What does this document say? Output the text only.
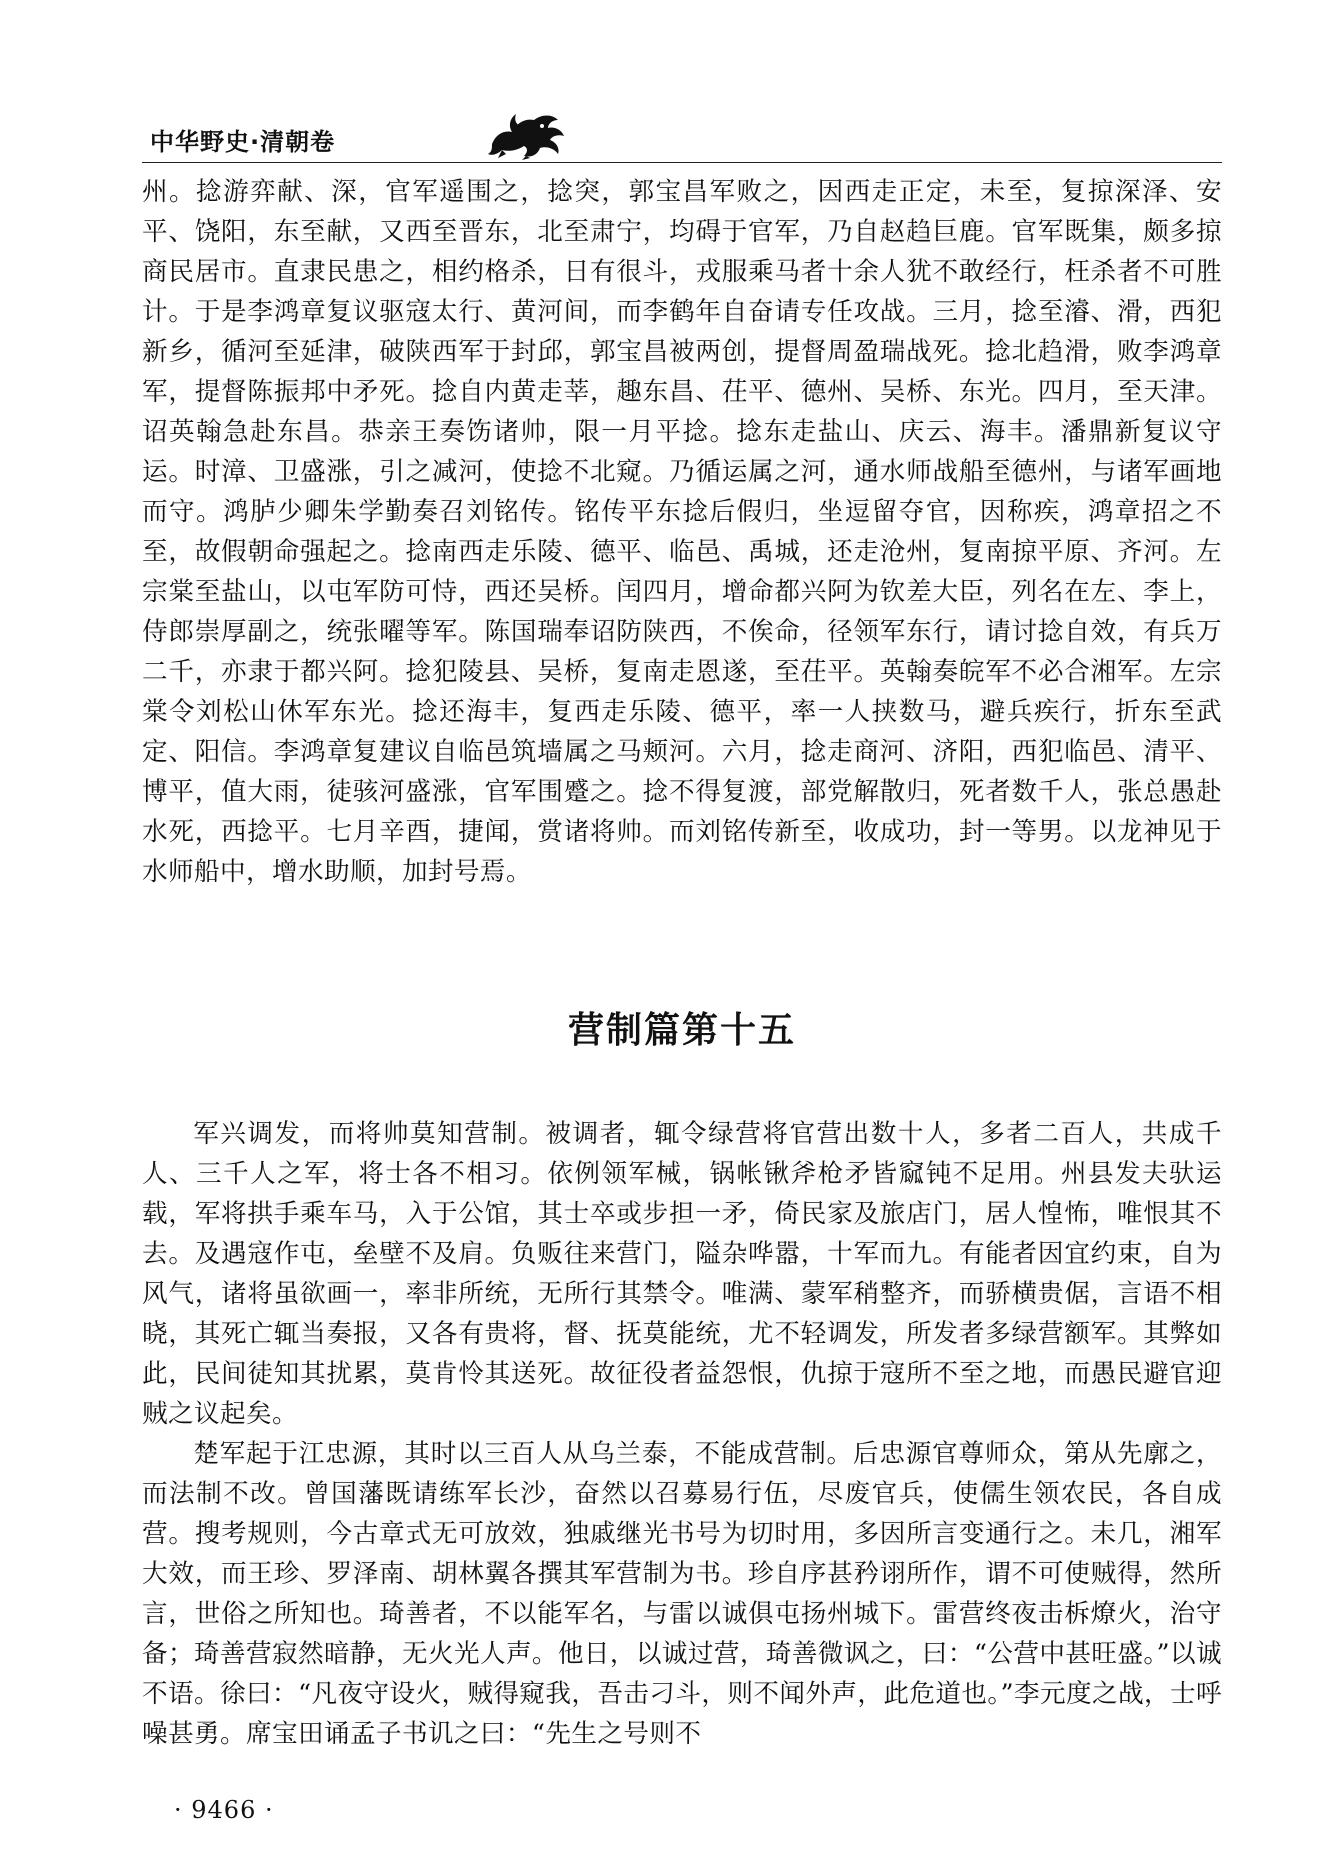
中华野史·清朝卷

州。捻游弈献、深，官军遥围之，捻突，郭宝昌军败之，因西走正定，未至，复掠深泽、安平、饶阳，东至献，又西至晋东，北至肃宁，均碍于官军，乃自赵趋巨鹿。官军既集，颇多掠商民居市。直隶民患之，相约格杀，日有很斗，戎服乘马者十余人犹不敢经行，枉杀者不可胜计。于是李鸿章复议驱寇太行、黄河间，而李鹤年自奋请专任攻战。三月，捻至濬、滑，西犯新乡，循河至延津，破陕西军于封邱，郭宝昌被两创，提督周盈瑞战死。捻北趋滑，败李鸿章军，提督陈振邦中矛死。捻自内黄走莘，趣东昌、茌平、德州、吴桥、东光。四月，至天津。诏英翰急赴东昌。恭亲王奏饬诸帅，限一月平捻。捻东走盐山、庆云、海丰。潘鼎新复议守运。时漳、卫盛涨，引之减河，使捻不北窥。乃循运属之河，通水师战船至德州，与诸军画地而守。鸿胪少卿朱学勤奏召刘铭传。铭传平东捻后假归，坐逗留夺官，因称疾，鸿章招之不至，故假朝命强起之。捻南西走乐陵、德平、临邑、禹城，还走沧州，复南掠平原、齐河。左宗棠至盐山，以屯军防可恃，西还吴桥。闰四月，增命都兴阿为钦差大臣，列名在左、李上，侍郎崇厚副之，统张曜等军。陈国瑞奉诏防陕西，不俟命，径领军东行，请讨捻自效，有兵万二千，亦隶于都兴阿。捻犯陵县、吴桥，复南走恩遂，至茌平。英翰奏皖军不必合湘军。左宗棠令刘松山休军东光。捻还海丰，复西走乐陵、德平，率一人挟数马，避兵疾行，折东至武定、阳信。李鸿章复建议自临邑筑墙属之马颊河。六月，捻走商河、济阳，西犯临邑、清平、博平，值大雨，徒骇河盛涨，官军围蹙之。捻不得复渡，部党解散归，死者数千人，张总愚赴水死，西捻平。七月辛酉，捷闻，赏诸将帅。而刘铭传新至，收成功，封一等男。以龙神见于水师船中，增水助顺，加封号焉。

营制篇第十五

军兴调发，而将帅莫知营制。被调者，辄令绿营将官营出数十人，多者二百人，共成千人、三千人之军，将士各不相习。依例领军械，锅帐锹斧枪矛皆窳钝不足用。州县发夫驮运载，军将拱手乘车马，入于公馆，其士卒或步担一矛，倚民家及旅店门，居人惶怖，唯恨其不去。及遇寇作屯，垒壁不及肩。负贩往来营门，隘杂哗嚣，十军而九。有能者因宜约束，自为风气，诸将虽欲画一，率非所统，无所行其禁令。唯满、蒙军稍整齐，而骄横贵倨，言语不相晓，其死亡辄当奏报，又各有贵将，督、抚莫能统，尤不轻调发，所发者多绿营额军。其弊如此，民间徒知其扰累，莫肯怜其送死。故征役者益怨恨，仇掠于寇所不至之地，而愚民避官迎贼之议起矣。

楚军起于江忠源，其时以三百人从乌兰泰，不能成营制。后忠源官尊师众，第从先廓之，而法制不改。曾国藩既请练军长沙，奋然以召募易行伍，尽废官兵，使儒生领农民，各自成营。搜考规则，今古章式无可放效，独戚继光书号为切时用，多因所言变通行之。未几，湘军大效，而王珍、罗泽南、胡林翼各撰其军营制为书。珍自序甚矜诩所作，谓不可使贼得，然所言，世俗之所知也。琦善者，不以能军名，与雷以诚俱屯扬州城下。雷营终夜击柝燎火，治守备；琦善营寂然暗静，无火光人声。他日，以诚过营，琦善微讽之，曰：“公营中甚旺盛。”以诚不语。徐曰：“凡夜守设火，贼得窥我，吾击刁斗，则不闻外声，此危道也。”李元度之战，士呼噪甚勇。席宝田诵孟子书讥之曰：“先生之号则不

· 9466 ·
